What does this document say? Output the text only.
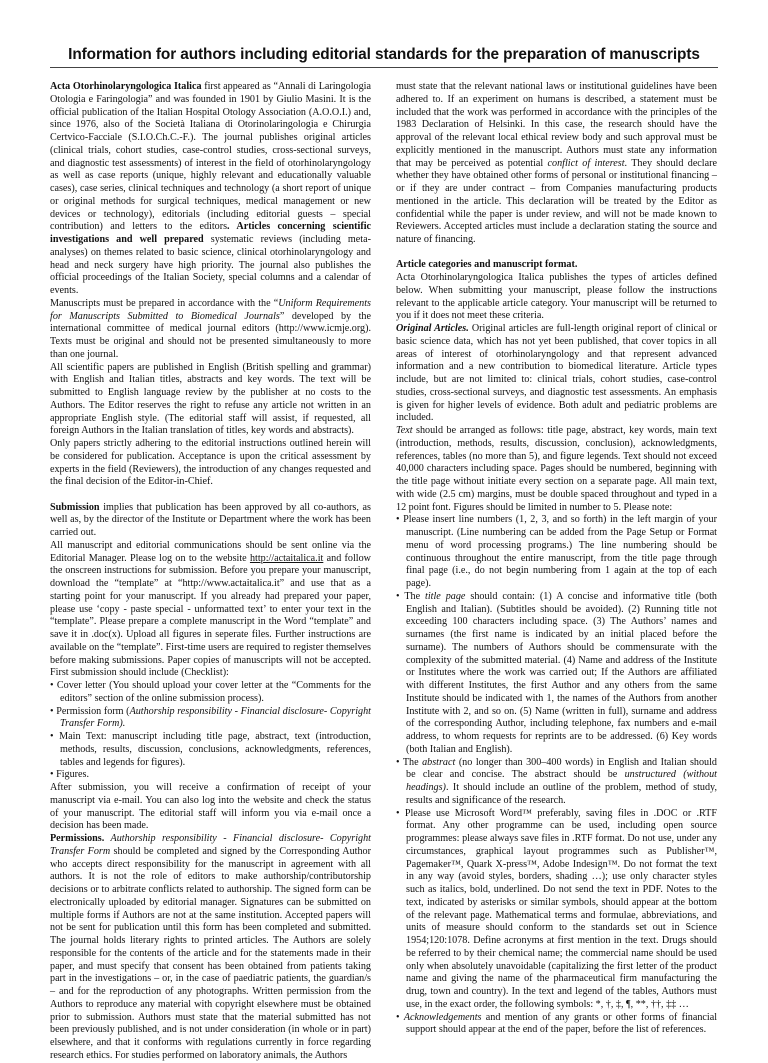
Information for authors including editorial standards for the preparation of manuscripts

Acta Otorhinolaryngologica Italica first appeared as “Annali di Laringologia Otologia e Faringologia” and was founded in 1901 by Giulio Masini. It is the official publication of the Italian Hospital Otology Association (A.O.O.I.) and, since 1976, also of the Società Italiana di Otorinolaringologia e Chirurgia Certvico-Facciale (S.I.O.Ch.C.-F.). The journal publishes original articles (clinical trials, cohort studies, case-control studies, cross-sectional surveys, and diagnostic test assessments) of interest in the field of otorhinolaryngology as well as case reports (unique, highly relevant and educationally valuable cases), case series, clinical techniques and technology (a short report of unique or original methods for surgical techniques, medical management or new devices or technology), editorials (including editorial guests – special contribution) and letters to the editors. Articles concerning scientific investigations and well prepared systematic reviews (including meta-analyses) on themes related to basic science, clinical otorhinolaryngology and head and neck surgery have high priority. The journal also publishes the official proceedings of the Italian Society, special columns and a calendar of events.

Manuscripts must be prepared in accordance with the “Uniform Requirements for Manuscripts Submitted to Biomedical Journals” developed by the international committee of medical journal editors (http://www.icmje.org). Texts must be original and should not be presented simultaneously to more than one journal.

All scientific papers are published in English (British spelling and grammar) with English and Italian titles, abstracts and key words. The text will be submitted to English language review by the publisher at no costs to the Authors. The Editor reserves the right to refuse any article not written in an appropriate English style. (The editorial staff will assist, if requested, all foreign Authors in the Italian translation of titles, key words and abstracts).

Only papers strictly adhering to the editorial instructions outlined herein will be considered for publication. Acceptance is upon the critical assessment by experts in the field (Reviewers), the introduction of any changes requested and the final decision of the Editor-in-Chief.

Submission implies that publication has been approved by all co-authors, as well as, by the director of the Institute or Department where the work has been carried out.

All manuscript and editorial communications should be sent online via the Editorial Manager. Please log on to the website http://actaitalica.it and follow the onscreen instructions for submission. Before you prepare your manuscript, download the “template” at “http://www.actaitalica.it” and use that as a starting point for your manuscript. If you already had prepared your paper, please use ‘copy - paste special - unformatted text’ to enter your text in the “template”. Please prepare a complete manuscript in the Word “template” and save it in .doc(x). Upload all figures in seperate files. Further instructions are available on the “template”. First-time users are required to register themselves before making submissions. Paper copies of manuscripts will not be accepted. First submission should include (Checklist):

• Cover letter (You should upload your cover letter at the “Comments for the editors” section of the online submission process).

• Permission form (Authorship responsibility - Financial disclosure- Copyright Transfer Form).

• Main Text: manuscript including title page, abstract, text (introduction, methods, results, discussion, conclusions, acknowledgments, references, tables and legends for figures).

• Figures.

After submission, you will receive a confirmation of receipt of your manuscript via e-mail. You can also log into the website and check the status of your manuscript. The editorial staff will inform you via e-mail once a decision has been made.

Permissions. Authorship responsibility - Financial disclosure- Copyright Transfer Form should be completed and signed by the Corresponding Author who accepts direct responsibility for the manuscript in agreement with all authors. It is not the role of editors to make authorship/contributorship decisions or to arbitrate conflicts related to authorship. The signed form can be electronically uploaded by editorial manager. Signatures can be submitted on multiple forms if Authors are not at the same institution. Accepted papers will not be sent for publication until this form has been completed and submitted. The journal holds literary rights to printed articles. The Authors are solely responsible for the contents of the article and for the statements made in their paper, and must specify that consent has been obtained from patients taking part in the investigations – or, in the case of paediatric patients, the guardian/s – and for the reproduction of any photographs. Written permission from the Authors to reproduce any material with copyright elsewhere must be obtained prior to submission. Authors must state that the material submitted has not been previously published, and is not under consideration (in whole or in part) elsewhere, and that it conforms with regulations currently in force regarding research ethics. For studies performed on laboratory animals, the Authors

must state that the relevant national laws or institutional guidelines have been adhered to. If an experiment on humans is described, a statement must be included that the work was performed in accordance with the principles of the 1983 Declaration of Helsinki. In this case, the research should have the approval of the relevant local ethical review body and such approval must be explicitly mentioned in the manuscript. Authors must state any information that may be perceived as potential conflict of interest. They should declare whether they have obtained other forms of personal or institutional financing – or if they are under contract – from Companies manufacturing products mentioned in the article. This declaration will be treated by the Editor as confidential while the paper is under review, and will not be made known to Reviewers. Accepted articles must include a declaration stating the source and nature of financing.

Article categories and manuscript format.

Acta Otorhinolaryngologica Italica publishes the types of articles defined below. When submitting your manuscript, please follow the instructions relevant to the applicable article category. Your manuscript will be returned to you if it does not meet these criteria.

Original Articles. Original articles are full-length original report of clinical or basic science data, which has not yet been published, that cover topics in all areas of interest of otorhinolaryngology and that represent advanced information and a new contribution to biomedical literature. Article types include, but are not limited to: clinical trials, cohort studies, case-control studies, cross-sectional surveys, and diagnostic test assessments. An emphasis is given for higher levels of evidence. Both adult and pediatric problems are included.

Text should be arranged as follows: title page, abstract, key words, main text (introduction, methods, results, discussion, conclusion), acknowledgments, references, tables (no more than 5), and figure legends. Text should not exceed 40,000 characters including space. Pages should be numbered, beginning with the title page without initiate every section on a separate page. All main text, with wide (2.5 cm) margins, must be double spaced throughout and typed in a 12 point font. Figures should be limited in number to 5. Please note:

• Please insert line numbers (1, 2, 3, and so forth) in the left margin of your manuscript. (Line numbering can be added from the Page Setup or Format menu of word processing programs.) The line numbering should be continuous throughout the entire manuscript, from the title page through final page (i.e., do not begin numbering from 1 again at the top of each page).

• The title page should contain: (1) A concise and informative title (both English and Italian). (Subtitles should be avoided). (2) Running title not exceeding 100 characters including space. (3) The Authors’ names and surnames (the first name is indicated by an initial placed before the surname). The numbers of Authors should be commensurate with the complexity of the submitted material. (4) Name and address of the Institute or Institutes where the work was carried out; If the Authors are affiliated with different Institutes, the first Author and any others from the same Institute should be indicated with 1, the names of the Authors from another Institute with 2, and so on. (5) Name (written in full), surname and address of the corresponding Author, including telephone, fax numbers and e-mail address, to whom requests for reprints are to be addressed. (6) Key words (both Italian and English).

• The abstract (no longer than 300–400 words) in English and Italian should be clear and concise. The abstract should be unstructured (without headings). It should include an outline of the problem, method of study, results and significance of the research.

• Please use Microsoft Word™ preferably, saving files in .DOC or .RTF format. Any other programme can be used, including open source programmes: please always save files in .RTF format. Do not use, under any circumstances, graphical layout programmes such as Publisher™, Pagemaker™, Quark X-press™, Adobe Indesign™. Do not format the text in any way (avoid styles, borders, shading …); use only character styles such as italics, bold, underlined. Do not send the text in PDF. Notes to the text, indicated by asterisks or similar symbols, should appear at the bottom of the relevant page. Mathematical terms and formulae, abbreviations, and units of measure should conform to the standards set out in Science 1954;120:1078. Define acronyms at first mention in the text. Drugs should be referred to by their chemical name; the commercial name should be used only when absolutely unavoidable (capitalizing the first letter of the product name and giving the name of the pharmaceutical firm manufacturing the drug, town and country). In the text and legend of the tables, Authors must use, in the exact order, the following symbols: *, †, ‡, ¶, **, ††, ‡‡ …

• Acknowledgements and mention of any grants or other forms of financial support should appear at the end of the paper, before the list of references.
